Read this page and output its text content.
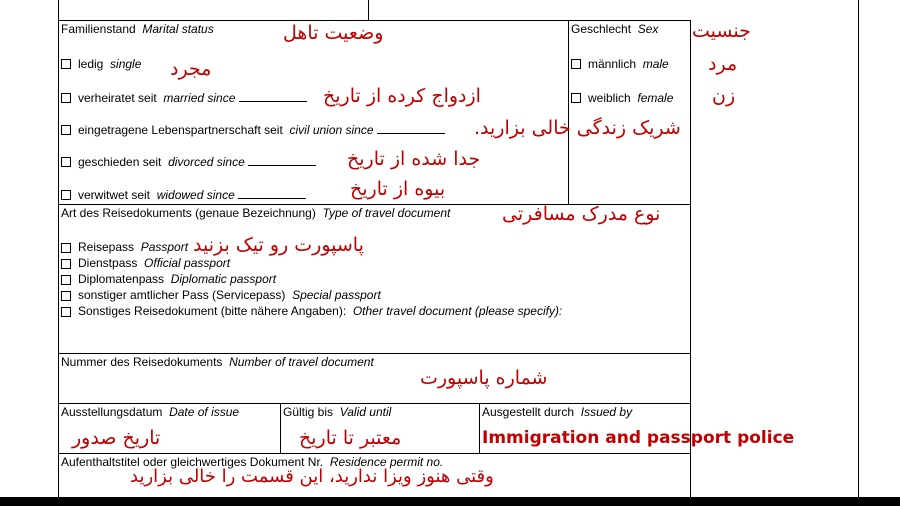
Familienstand Marital status	وضعیت تاهل
ledig single مجرد
verheiratet seit married since	ازدواج کرده از تاریخ
eingetragene Lebenspartnerschaft seit civil union since	شریک زندگی خالی بزارید.
geschieden seit divorced since	جدا شده از تاریخ
verwitwet seit widowed since	بیوه از تاریخ
Geschlecht Sex
männlich male
weiblich female
جنسیت
مرد
زن
Art des Reisedokuments (genaue Bezeichnung) Type of travel document	نوع مدرک مسافرتی
Reisepass Passport پاسپورت رو تیک بزنید
Dienstpass Official passport
Diplomatenpass Diplomatic passport
sonstiger amtlicher Pass (Servicepass) Special passport
Sonstiges Reisedokument (bitte nähere Angaben): Other travel document (please specify):
Nummer des Reisedokuments Number of travel document
شماره پاسپورت
Ausstellungsdatum Date of issue
تاریخ صدور
Gültig bis Valid until
معتبر تا تاریخ
Ausgestellt durch Issued by
Immigration and passport police
Aufenthaltstitel oder gleichwertiges Dokument Nr. Residence permit no.
وقتی هنوز ویزا ندارید، این قسمت را خالی بزارید
